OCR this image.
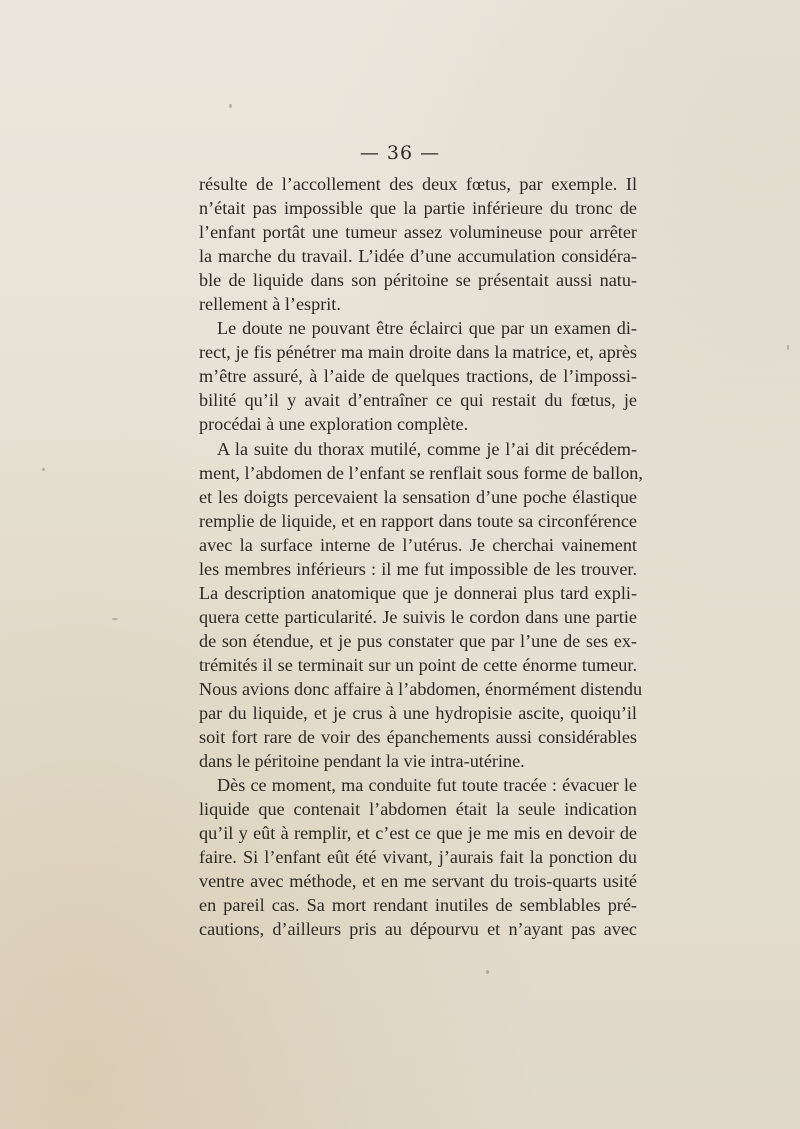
— 36 —
résulte de l’accollement des deux fœtus, par exemple. Il
n’était pas impossible que la partie inférieure du tronc de
l’enfant portât une tumeur assez volumineuse pour arrêter
la marche du travail. L’idée d’une accumulation considéra-
ble de liquide dans son péritoine se présentait aussi natu-
rellement à l’esprit.
Le doute ne pouvant être éclairci que par un examen di-
rect, je fis pénétrer ma main droite dans la matrice, et, après
m’être assuré, à l’aide de quelques tractions, de l’impossi-
bilité qu’il y avait d’entraîner ce qui restait du fœtus, je
procédai à une exploration complète.
A la suite du thorax mutilé, comme je l’ai dit précédem-
ment, l’abdomen de l’enfant se renflait sous forme de ballon,
et les doigts percevaient la sensation d’une poche élastique
remplie de liquide, et en rapport dans toute sa circonférence
avec la surface interne de l’utérus. Je cherchai vainement
les membres inférieurs : il me fut impossible de les trouver.
La description anatomique que je donnerai plus tard expli-
quera cette particularité. Je suivis le cordon dans une partie
de son étendue, et je pus constater que par l’une de ses ex-
trémités il se terminait sur un point de cette énorme tumeur.
Nous avions donc affaire à l’abdomen, énormément distendu
par du liquide, et je crus à une hydropisie ascite, quoiqu’il
soit fort rare de voir des épanchements aussi considérables
dans le péritoine pendant la vie intra-utérine.
Dès ce moment, ma conduite fut toute tracée : évacuer le
liquide que contenait l’abdomen était la seule indication
qu’il y eût à remplir, et c’est ce que je me mis en devoir de
faire. Si l’enfant eût été vivant, j’aurais fait la ponction du
ventre avec méthode, et en me servant du trois-quarts usité
en pareil cas. Sa mort rendant inutiles de semblables pré-
cautions, d’ailleurs pris au dépourvu et n’ayant pas avec
